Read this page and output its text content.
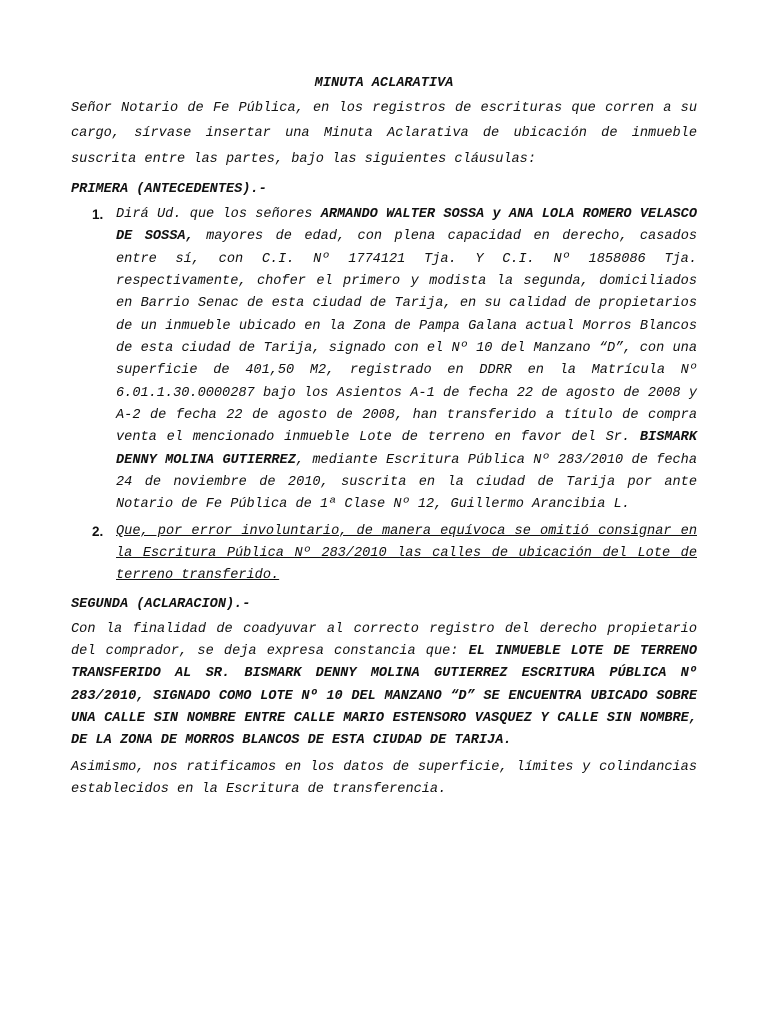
MINUTA ACLARATIVA

Señor Notario de Fe Pública, en los registros de escrituras que corren a su cargo, sírvase insertar una Minuta Aclarativa de ubicación de inmueble suscrita entre las partes, bajo las siguientes cláusulas:

PRIMERA (ANTECEDENTES).-

1. Dirá Ud. que los señores ARMANDO WALTER SOSSA y ANA LOLA ROMERO VELASCO DE SOSSA, mayores de edad, con plena capacidad en derecho, casados entre sí, con C.I. Nº 1774121 Tja. Y C.I. Nº 1858086 Tja. respectivamente, chofer el primero y modista la segunda, domiciliados en Barrio Senac de esta ciudad de Tarija, en su calidad de propietarios de un inmueble ubicado en la Zona de Pampa Galana actual Morros Blancos de esta ciudad de Tarija, signado con el Nº 10 del Manzano “D”, con una superficie de 401,50 M2, registrado en DDRR en la Matrícula Nº 6.01.1.30.0000287 bajo los Asientos A-1 de fecha 22 de agosto de 2008 y A-2 de fecha 22 de agosto de 2008, han transferido a título de compra venta el mencionado inmueble Lote de terreno en favor del Sr. BISMARK DENNY MOLINA GUTIERREZ, mediante Escritura Pública Nº 283/2010 de fecha 24 de noviembre de 2010, suscrita en la ciudad de Tarija por ante Notario de Fe Pública de 1ª Clase Nº 12, Guillermo Arancibia L.
2. Que, por error involuntario, de manera equívoca se omitió consignar en la Escritura Pública Nº 283/2010 las calles de ubicación del Lote de terreno transferido.

SEGUNDA (ACLARACION).-

Con la finalidad de coadyuvar al correcto registro del derecho propietario del comprador, se deja expresa constancia que: EL INMUEBLE LOTE DE TERRENO TRANSFERIDO AL SR. BISMARK DENNY MOLINA GUTIERREZ ESCRITURA PÚBLICA Nº 283/2010, SIGNADO COMO LOTE Nº 10 DEL MANZANO “D” SE ENCUENTRA UBICADO SOBRE UNA CALLE SIN NOMBRE ENTRE CALLE MARIO ESTENSORO VASQUEZ Y CALLE SIN NOMBRE, DE LA ZONA DE MORROS BLANCOS DE ESTA CIUDAD DE TARIJA.

Asimismo, nos ratificamos en los datos de superficie, límites y colindancias establecidos en la Escritura de transferencia.
